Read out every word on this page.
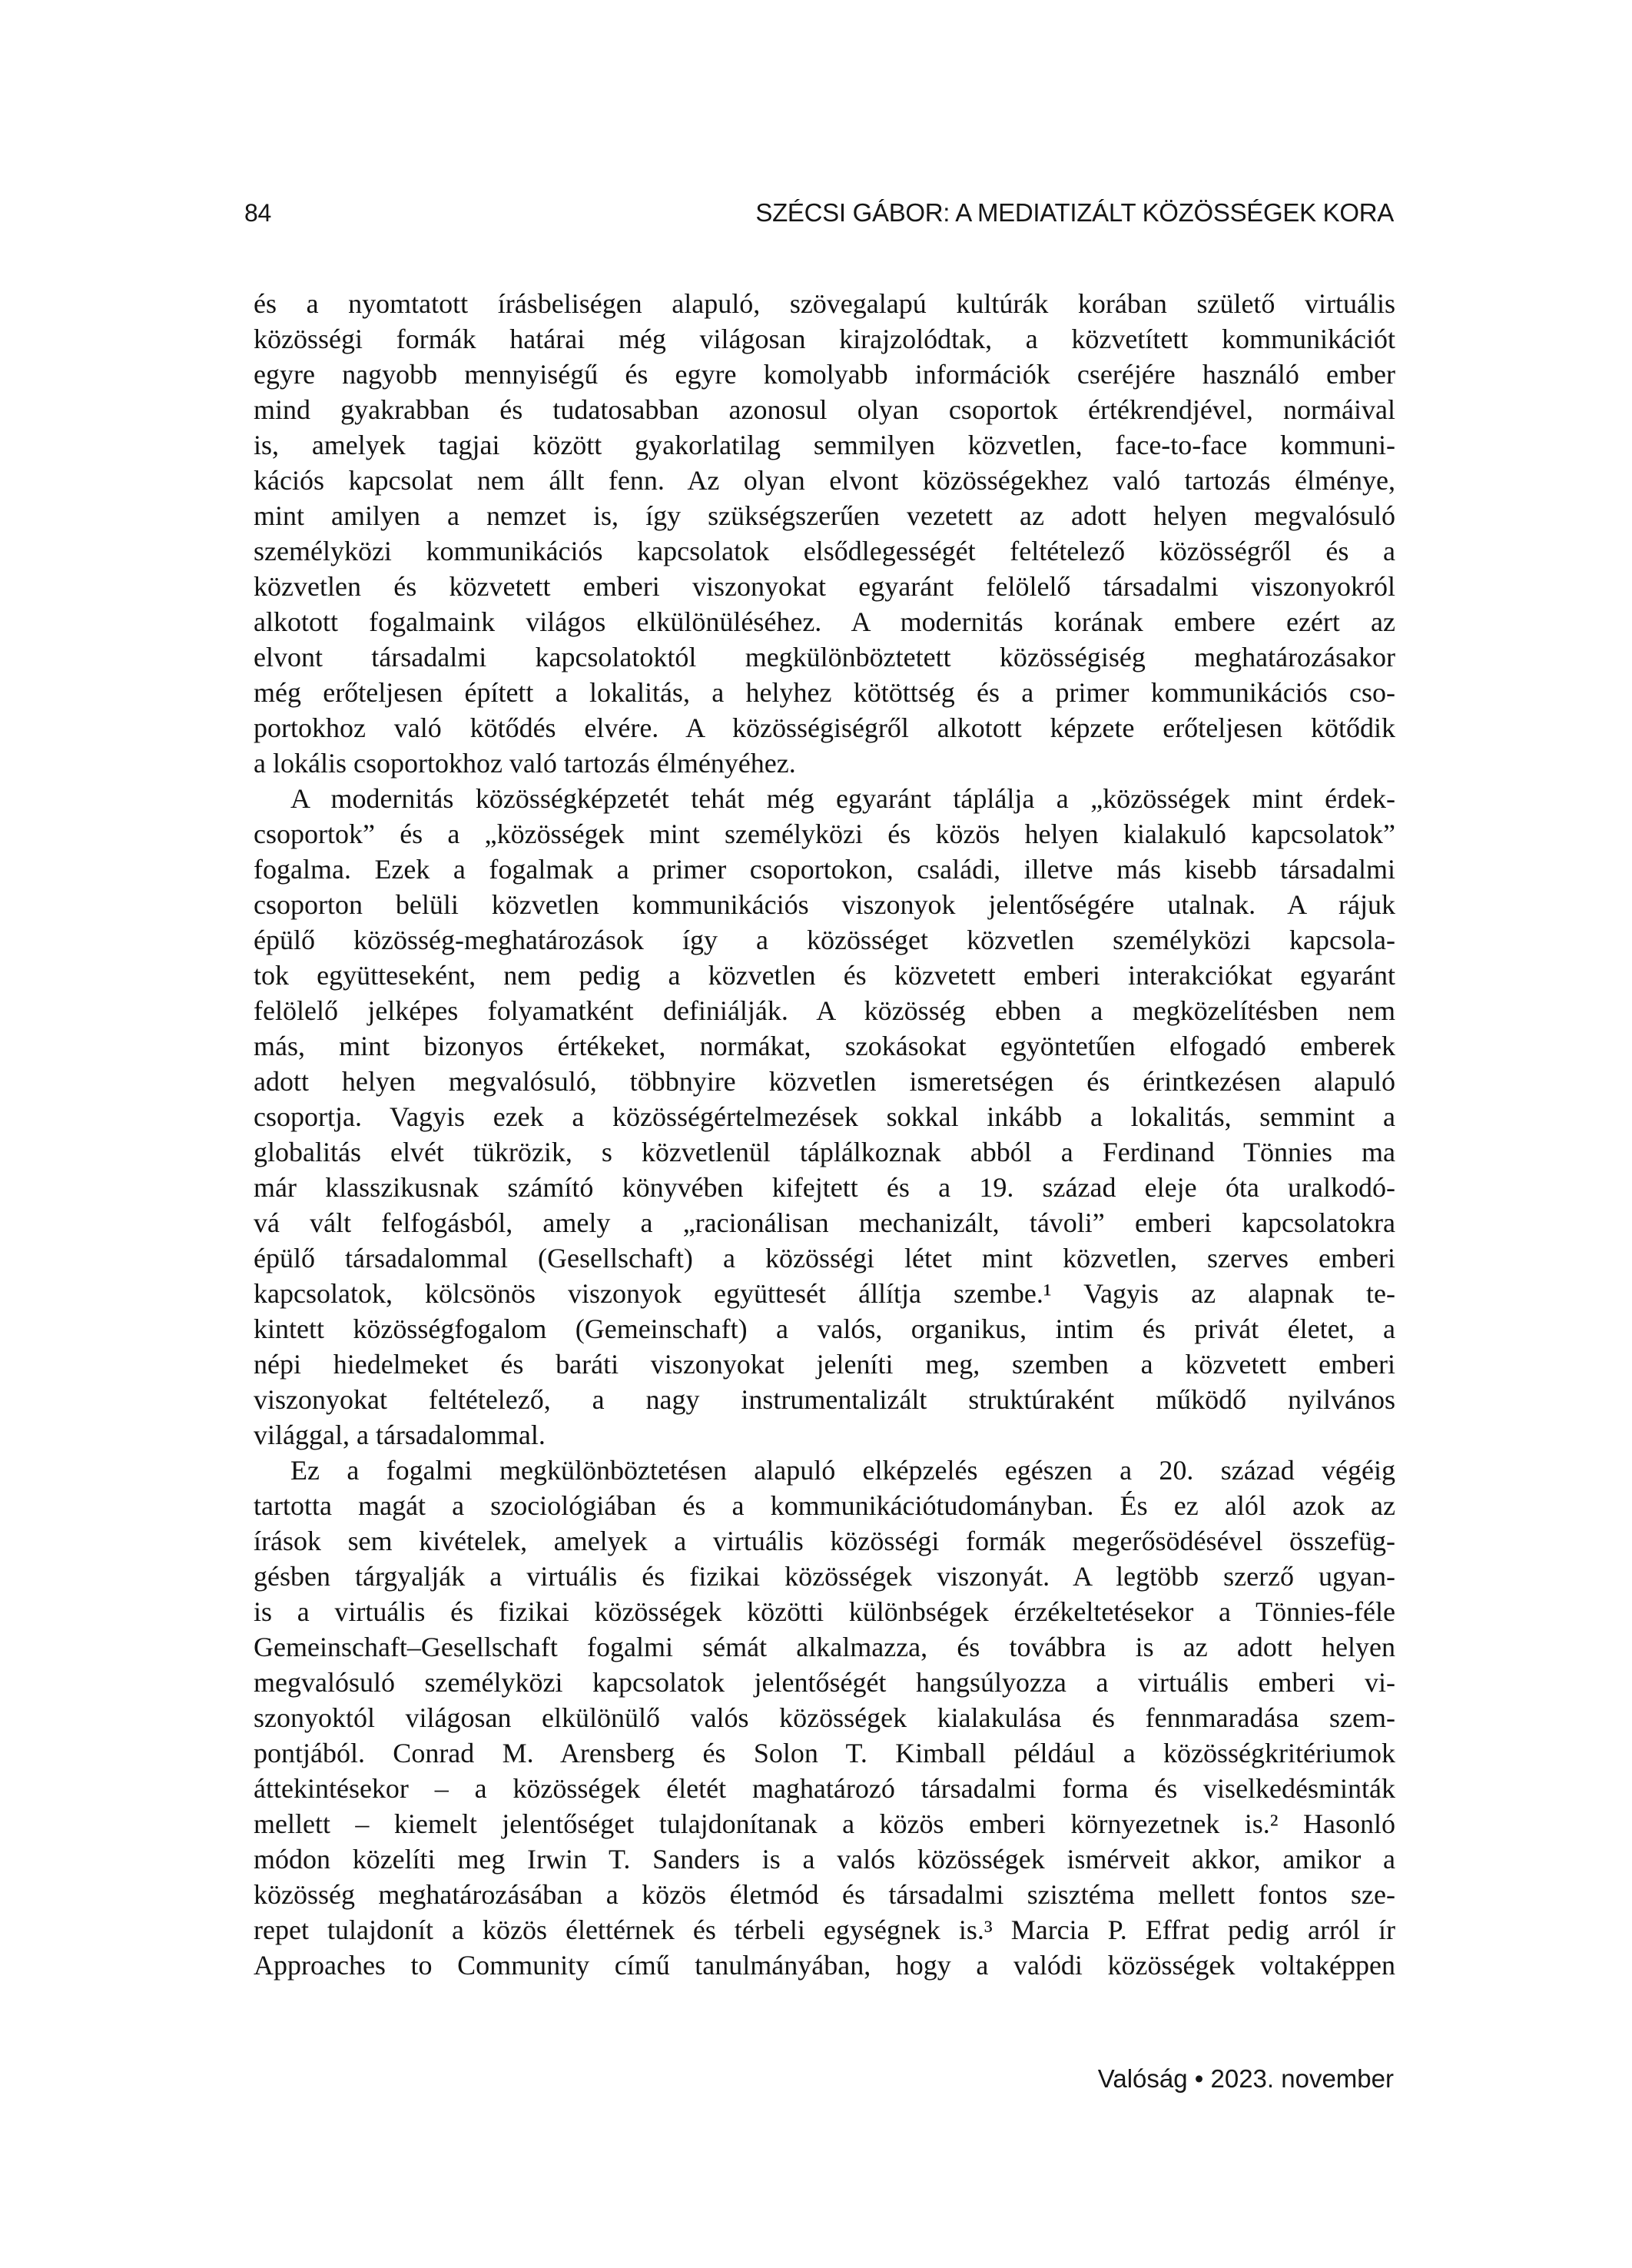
84	SZÉCSI GÁBOR: A MEDIATIZÁLT KÖZÖSSÉGEK KORA
és a nyomtatott írásbeliségen alapuló, szövegalapú kultúrák korában születő virtuális
közösségi formák határai még világosan kirajzolódtak, a közvetített kommunikációt
egyre nagyobb mennyiségű és egyre komolyabb információk cseréjére használó ember
mind gyakrabban és tudatosabban azonosul olyan csoportok értékrendjével, normáival
is, amelyek tagjai között gyakorlatilag semmilyen közvetlen, face-to-face kommuni-
kációs kapcsolat nem állt fenn. Az olyan elvont közösségekhez való tartozás élménye,
mint amilyen a nemzet is, így szükségszerűen vezetett az adott helyen megvalósuló
személyközi kommunikációs kapcsolatok elsődlegességét feltételező közösségről és a
közvetlen és közvetett emberi viszonyokat egyaránt felölelő társadalmi viszonyokról
alkotott fogalmaink világos elkülönüléséhez. A modernitás korának embere ezért az
elvont társadalmi kapcsolatoktól megkülönböztetett közösségiség meghatározásakor
még erőteljesen épített a lokalitás, a helyhez kötöttség és a primer kommunikációs cso-
portokhoz való kötődés elvére. A közösségiségről alkotott képzete erőteljesen kötődik
a lokális csoportokhoz való tartozás élményéhez.
A modernitás közösségképzetét tehát még egyaránt táplálja a „közösségek mint érdek-
csoportok” és a „közösségek mint személyközi és közös helyen kialakuló kapcsolatok”
fogalma. Ezek a fogalmak a primer csoportokon, családi, illetve más kisebb társadalmi
csoporton belüli közvetlen kommunikációs viszonyok jelentőségére utalnak. A rájuk
épülő közösség-meghatározások így a közösséget közvetlen személyközi kapcsola-
tok együtteseként, nem pedig a közvetlen és közvetett emberi interakciókat egyaránt
felölelő jelképes folyamatként definiálják. A közösség ebben a megközelítésben nem
más, mint bizonyos értékeket, normákat, szokásokat egyöntetűen elfogadó emberek
adott helyen megvalósuló, többnyire közvetlen ismeretségen és érintkezésen alapuló
csoportja. Vagyis ezek a közösségértelmezések sokkal inkább a lokalitás, semmint a
globalitás elvét tükrözik, s közvetlenül táplálkoznak abból a Ferdinand Tönnies ma
már klasszikusnak számító könyvében kifejtett és a 19. század eleje óta uralkodó-
vá vált felfogásból, amely a „racionálisan mechanizált, távoli” emberi kapcsolatokra
épülő társadalommal (Gesellschaft) a közösségi létet mint közvetlen, szerves emberi
kapcsolatok, kölcsönös viszonyok együttesét állítja szembe.¹ Vagyis az alapnak te-
kintett közösségfogalom (Gemeinschaft) a valós, organikus, intim és privát életet, a
népi hiedelmeket és baráti viszonyokat jeleníti meg, szemben a közvetett emberi
viszonyokat feltételező, a nagy instrumentalizált struktúraként működő nyilvános
világgal, a társadalommal.
Ez a fogalmi megkülönböztetésen alapuló elképzelés egészen a 20. század végéig
tartotta magát a szociológiában és a kommunikációtudományban. És ez alól azok az
írások sem kivételek, amelyek a virtuális közösségi formák megerősödésével összefüg-
gésben tárgyalják a virtuális és fizikai közösségek viszonyát. A legtöbb szerző ugyan-
is a virtuális és fizikai közösségek közötti különbségek érzékeltetésekor a Tönnies-féle
Gemeinschaft–Gesellschaft fogalmi sémát alkalmazza, és továbbra is az adott helyen
megvalósuló személyközi kapcsolatok jelentőségét hangsúlyozza a virtuális emberi vi-
szonyoktól világosan elkülönülő valós közösségek kialakulása és fennmaradása szem-
pontjából. Conrad M. Arensberg és Solon T. Kimball például a közösségkritériumok
áttekintésekor – a közösségek életét maghatározó társadalmi forma és viselkedésminták
mellett – kiemelt jelentőséget tulajdonítanak a közös emberi környezetnek is.² Hasonló
módon közelíti meg Irwin T. Sanders is a valós közösségek ismérveit akkor, amikor a
közösség meghatározásában a közös életmód és társadalmi szisztéma mellett fontos sze-
repet tulajdonít a közös élettérnek és térbeli egységnek is.³ Marcia P. Effrat pedig arról ír
Approaches to Community című tanulmányában, hogy a valódi közösségek voltaképpen
Valóság • 2023. november
